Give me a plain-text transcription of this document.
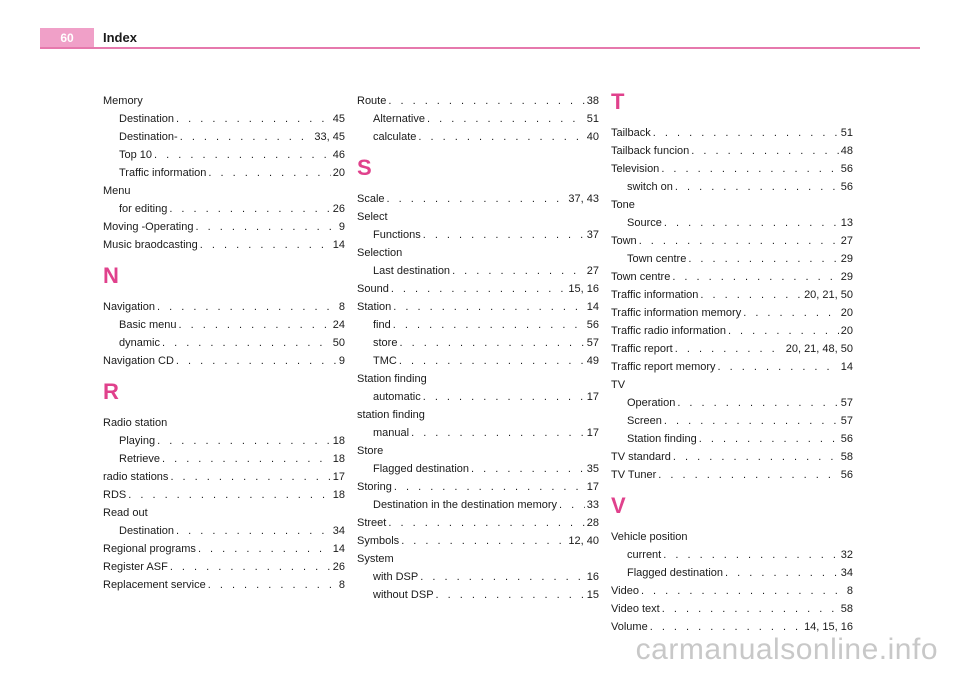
60	Index
Memory
Destination . . .	45
Destination- . . .	33, 45
Top 10 . . .	46
Traffic information . . .	20
Menu
for editing . . .	26
Moving -Operating . . .	9
Music braodcasting . . .	14
N
Navigation . . .	8
Basic menu . . .	24
dynamic . . .	50
Navigation CD . . .	9
R
Radio station
Playing . . .	18
Retrieve . . .	18
radio stations . . .	17
RDS . . .	18
Read out
Destination . . .	34
Regional programs . . .	14
Register ASF . . .	26
Replacement service . . .	8
Route . . .	38
Alternative . . .	51
calculate . . .	40
S
Scale . . .	37, 43
Select
Functions . . .	37
Selection
Last destination . . .	27
Sound . . .	15, 16
Station . . .	14
find . . .	56
store . . .	57
TMC . . .	49
Station finding
automatic . . .	17
station finding
manual . . .	17
Store
Flagged destination . . .	35
Storing . . .	17
Destination in the destination memory . . .	33
Street . . .	28
Symbols . . .	12, 40
System
with DSP . . .	16
without DSP . . .	15
T
Tailback . . .	51
Tailback funcion . . .	48
Television . . .	56
switch on . . .	56
Tone
Source . . .	13
Town . . .	27
Town centre . . .	29
Town centre . . .	29
Traffic information . . .	20, 21, 50
Traffic information memory . . .	20
Traffic radio information . . .	20
Traffic report . . .	20, 21, 48, 50
Traffic report memory . . .	14
TV
Operation . . .	57
Screen . . .	57
Station finding . . .	56
TV standard . . .	58
TV Tuner . . .	56
V
Vehicle position
current . . .	32
Flagged destination . . .	34
Video . . .	8
Video text . . .	58
Volume . . .	14, 15, 16
carmanualsonline.info
